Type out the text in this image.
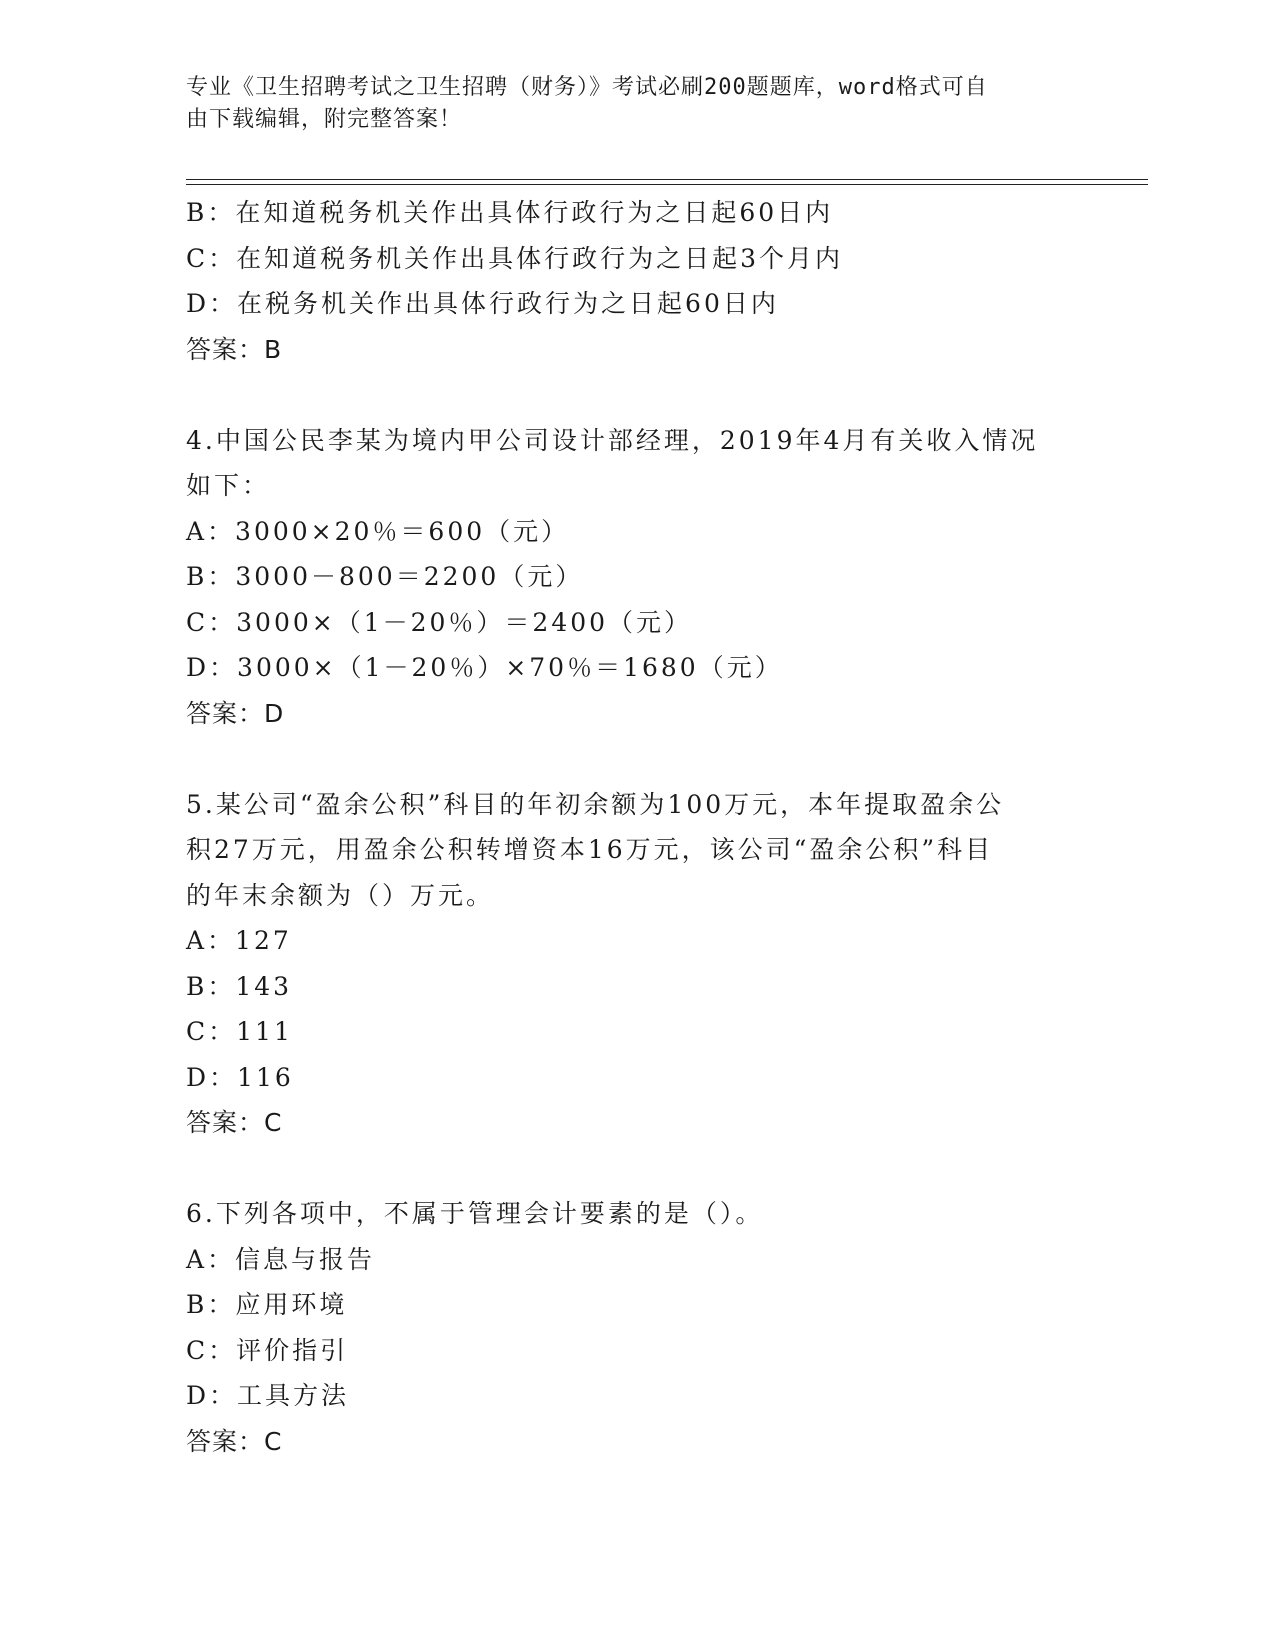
专业《卫生招聘考试之卫生招聘（财务）》考试必刷200题题库，word格式可自
由下载编辑，附完整答案！
B：在知道税务机关作出具体行政行为之日起60日内
C：在知道税务机关作出具体行政行为之日起3个月内
D：在税务机关作出具体行政行为之日起60日内
答案：B
4.中国公民李某为境内甲公司设计部经理，2019年4月有关收入情况
如下：
A：3000×20％＝600（元）
B：3000－800＝2200（元）
C：3000×（1－20％）＝2400（元）
D：3000×（1－20％）×70％＝1680（元）
答案：D
5.某公司“盈余公积”科目的年初余额为100万元，本年提取盈余公
积27万元，用盈余公积转增资本16万元，该公司“盈余公积”科目
的年末余额为（）万元。
A：127
B：143
C：111
D：116
答案：C
6.下列各项中，不属于管理会计要素的是（）。
A：信息与报告
B：应用环境
C：评价指引
D：工具方法
答案：C
